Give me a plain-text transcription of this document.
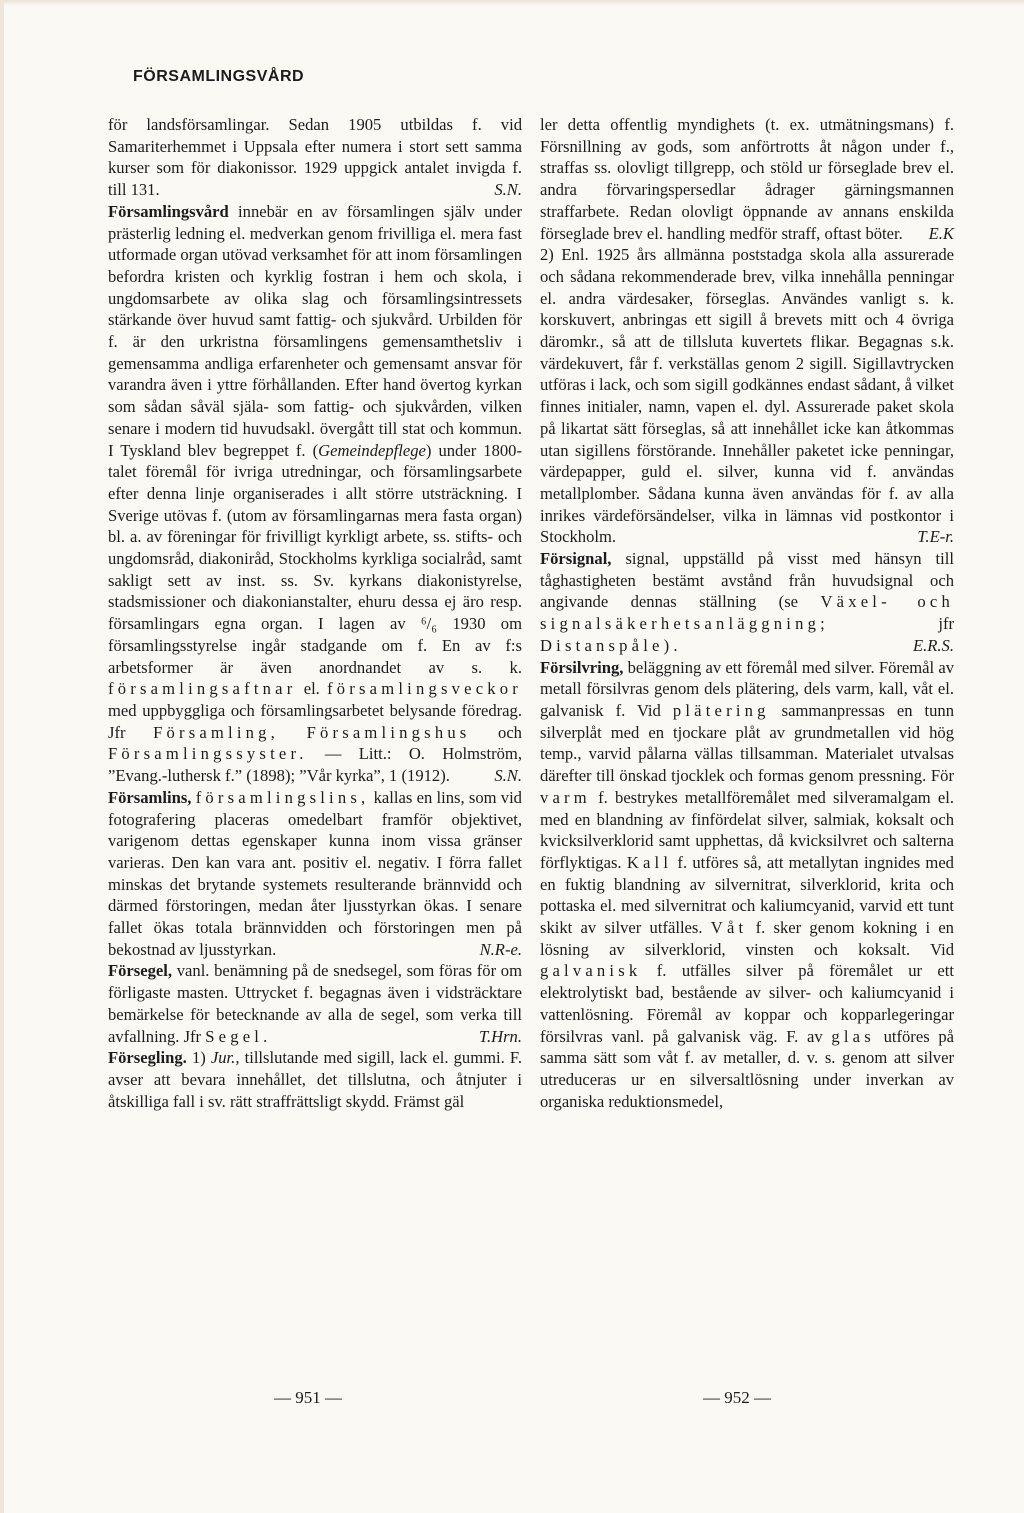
FÖRSAMLINGSVÅRD

för landsförsamlingar. Sedan 1905 utbildas f. vid Samariterhemmet i Uppsala efter numera i stort sett samma kurser som för diakonissor. 1929 uppgick antalet invigda f. till 131.	S.N.

Församlingsvård innebär en av församlingen själv under prästerlig ledning el. medverkan genom frivilliga el. mera fast utformade organ utövad verksamhet för att inom församlingen befordra kristen och kyrklig fostran i hem och skola, i ungdomsarbete av olika slag och församlingsintressets stärkande över huvud samt fattig- och sjukvård. Urbilden för f. är den urkristna församlingens gemensamthetsliv i gemensamma andliga erfarenheter och gemensamt ansvar för varandra även i yttre förhållanden. Efter hand övertog kyrkan som sådan såväl själa- som fattig- och sjukvården, vilken senare i modern tid huvudsakl. övergått till stat och kommun. I Tyskland blev begreppet f. (Gemeindepflege) under 1800-talet föremål för ivriga utredningar, och församlingsarbete efter denna linje organiserades i allt större utsträckning. I Sverige utövas f. (utom av församlingarnas mera fasta organ) bl. a. av föreningar för frivilligt kyrkligt arbete, ss. stifts- och ungdomsråd, diakoniråd, Stockholms kyrkliga socialråd, samt sakligt sett av inst. ss. Sv. kyrkans diakonistyrelse, stadsmissioner och diakonianstalter, ehuru dessa ej äro resp. församlingars egna organ. I lagen av ⁶/₆ 1930 om församlingsstyrelse ingår stadgande om f. En av f:s arbetsformer är även anordnandet av s. k. församlingsaftnar el. församlingsveckor med uppbyggliga och församlingsarbetet belysande föredrag. Jfr Församling, Församlingshus och Församlingssyster. — Litt.: O. Holmström, ”Evang.-luthersk f.” (1898); ”Vår kyrka”, 1 (1912).	S.N.

Församlins, församlingslins, kallas en lins, som vid fotografering placeras omedelbart framför objektivet, varigenom dettas egenskaper kunna inom vissa gränser varieras. Den kan vara ant. positiv el. negativ. I förra fallet minskas det brytande systemets resulterande brännvidd och därmed förstoringen, medan åter ljusstyrkan ökas. I senare fallet ökas totala brännvidden och förstoringen men på bekostnad av ljusstyrkan.	N.R-e.

Försegel, vanl. benämning på de snedsegel, som föras för om förligaste masten. Uttrycket f. begagnas även i vidsträcktare bemärkelse för betecknande av alla de segel, som verka till avfallning. Jfr Segel.	T.Hrn.

Försegling. 1) Jur., tillslutande med sigill, lack el. gummi. F. avser att bevara innehållet, det tillslutna, och åtnjuter i åtskilliga fall i sv. rätt straffrättsligt skydd. Främst gäl

ler detta offentlig myndighets (t. ex. utmätningsmans) f. Försnillning av gods, som anförtrotts åt någon under f., straffas ss. olovligt tillgrepp, och stöld ur förseglade brev el. andra förvaringspersedlar ådrager gärningsmannen straffarbete. Redan olovligt öppnande av annans enskilda förseglade brev el. handling medför straff, oftast böter.	E.K

2) Enl. 1925 års allmänna poststadga skola alla assurerade och sådana rekommenderade brev, vilka innehålla penningar el. andra värdesaker, förseglas. Användes vanligt s. k. korskuvert, anbringas ett sigill å brevets mitt och 4 övriga däromkr., så att de tillsluta kuvertets flikar. Begagnas s.k. värdekuvert, får f. verkställas genom 2 sigill. Sigillavtrycken utföras i lack, och som sigill godkännes endast sådant, å vilket finnes initialer, namn, vapen el. dyl. Assurerade paket skola på likartat sätt förseglas, så att innehållet icke kan åtkommas utan sigillens förstörande. Innehåller paketet icke penningar, värdepapper, guld el. silver, kunna vid f. användas metallplomber. Sådana kunna även användas för f. av alla inrikes värdeförsändelser, vilka in lämnas vid postkontor i Stockholm.	T.E-r.

Försignal, signal, uppställd på visst med hänsyn till tåghastigheten bestämt avstånd från huvudsignal och angivande dennas ställning (se Växel- och signalsäkerhetsanläggning;	jfr Distanspåle).	E.R.S.

Försilvring, beläggning av ett föremål med silver. Föremål av metall försilvras genom dels plätering, dels varm, kall, våt el. galvanisk f. Vid plätering sammanpressas en tunn silverplåt med en tjockare plåt av grundmetallen vid hög temp., varvid pålarna vällas tillsamman. Materialet utvalsas därefter till önskad tjocklek och formas genom pressning. För varm f. bestrykes metallföremålet med silveramalgam el. med en blandning av finfördelat silver, salmiak, koksalt och kvicksilverklorid samt upphettas, då kvicksilvret och salterna förflyktigas. Kall f. utföres så, att metallytan ingnides med en fuktig blandning av silvernitrat, silverklorid, krita och pottaska el. med silvernitrat och kaliumcyanid, varvid ett tunt skikt av silver utfälles. Våt f. sker genom kokning i en lösning av silverklorid, vinsten och koksalt. Vid galvanisk f. utfälles silver på föremålet ur ett elektrolytiskt bad, bestående av silver- och kaliumcyanid i vattenlösning. Föremål av koppar och kopparlegeringar försilvras vanl. på galvanisk väg. F. av glas utföres på samma sätt som våt f. av metaller, d. v. s. genom att silver utreduceras ur en silversaltlösning under inverkan av organiska reduktionsmedel,

— 951 —	— 952 —
